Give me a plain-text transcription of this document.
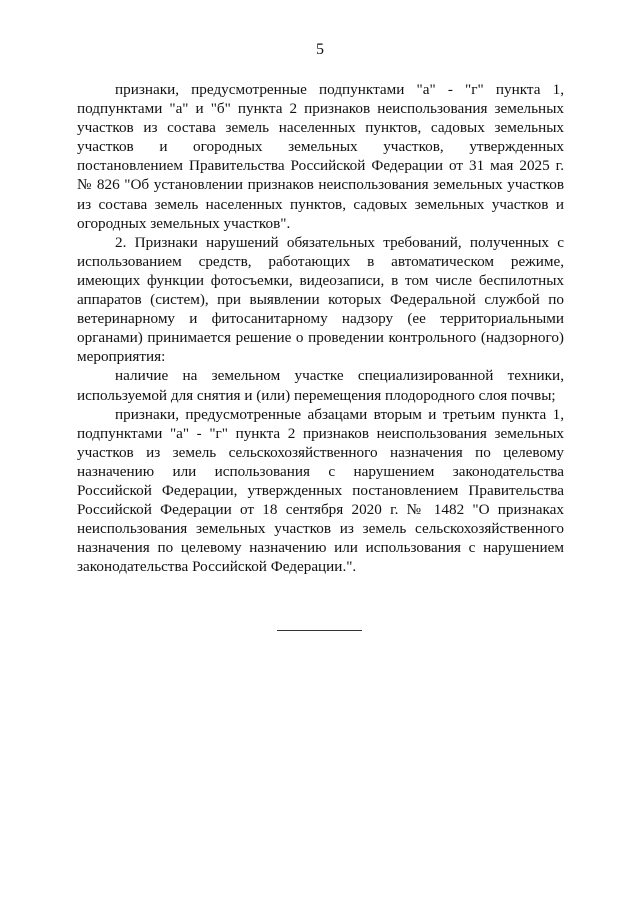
5

признаки, предусмотренные подпунктами "а" - "г" пункта 1, подпунктами "а" и "б" пункта 2 признаков неиспользования земельных участков из состава земель населенных пунктов, садовых земельных участков и огородных земельных участков, утвержденных постановлением Правительства Российской Федерации от 31 мая 2025 г. № 826 "Об установлении признаков неиспользования земельных участков из состава земель населенных пунктов, садовых земельных участков и огородных земельных участков".

2. Признаки нарушений обязательных требований, полученных с использованием средств, работающих в автоматическом режиме, имеющих функции фотосъемки, видеозаписи, в том числе беспилотных аппаратов (систем), при выявлении которых Федеральной службой по ветеринарному и фитосанитарному надзору (ее территориальными органами) принимается решение о проведении контрольного (надзорного) мероприятия:

наличие на земельном участке специализированной техники, используемой для снятия и (или) перемещения плодородного слоя почвы;

признаки, предусмотренные абзацами вторым и третьим пункта 1, подпунктами "а" - "г" пункта 2 признаков неиспользования земельных участков из земель сельскохозяйственного назначения по целевому назначению или использования с нарушением законодательства Российской Федерации, утвержденных постановлением Правительства Российской Федерации от 18 сентября 2020 г. № 1482 "О признаках неиспользования земельных участков из земель сельскохозяйственного назначения по целевому назначению или использования с нарушением законодательства Российской Федерации.".
